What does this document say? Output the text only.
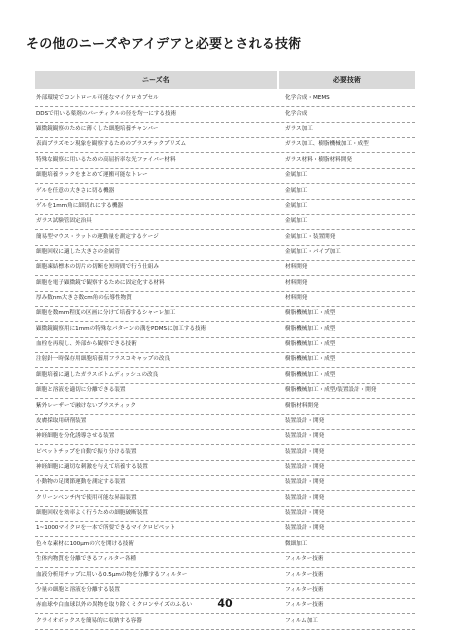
その他のニーズやアイデアと必要とされる技術
ニーズ名	必要技術
外部環境でコントロール可能なマイクロカプセル	化学合成・MEMS
DDSで用いる薬剤のパーティクルの径を均一にする技術	化学合成
顕微鏡観察のために薄くした細胞培養チャンバー	ガラス加工
表面プラズモン現象を観察するためのプラスチックプリズム	ガラス加工、樹脂機械加工・成型
特殊な観察に用いるための高屈折率な光ファイバー材料	ガラス材料・樹脂材料開発
細胞培養ラックをまとめて運搬可能なトレー	金属加工
ゲルを任意の大きさに切る機器	金属加工
ゲルを1mm角に細切れにする機器	金属加工
ガラス試験管固定治具	金属加工
簡易型マウス・ラットの運動量を測定するケージ	金属加工・装置開発
細胞回収に適した大きさの金属管	金属加工・パイプ加工
細胞凍結標本の切片の切断を短時間で行う仕組み	材料開発
細胞を電子顕微鏡で観察するために固定化する材料	材料開発
厚み数nm大きさ数cm角の伝導性物質	材料開発
細胞を数mm程度の区画に分けて培養するシャーレ加工	樹脂機械加工・成型
顕微鏡観察用に1mmの特殊なパターンの溝をPDMSに加工する技術	樹脂機械加工・成型
血栓を再現し、外部から観察できる技術	樹脂機械加工・成型
注射針一時保存用細胞培養用フラスコキャップの改良	樹脂機械加工・成型
細胞培養に適したガラスボトムディッシュの改良	樹脂機械加工・成型
細胞と溶液を適切に分離できる装置	樹脂機械加工・成型/装置設計・開発
紫外レーザーで融けないプラスティック	樹脂材料開発
皮膚採取用研削装置	装置設計・開発
神経細胞を分化誘導させる装置	装置設計・開発
ピペットチップを自動で振り分ける装置	装置設計・開発
神経細胞に適切な刺激を与えて培養する装置	装置設計・開発
小動物の足関節運動を測定する装置	装置設計・開発
クリーンベンチ内で使用可能な昇温装置	装置設計・開発
細胞回収を効率よく行うための細胞破断装置	装置設計・開発
1~1000マイクロを一本で所要できるマイクロピペット	装置設計・開発
色々な素材に100μmの穴を開ける技術	微細加工
生体内物質を分離できるフィルター各種	フィルター技術
血液分析用チップに用いる0.5μmの物を分離するフィルター	フィルター技術
少量の細胞と溶液を分離する装置	フィルター技術
赤血球や白血球以外の異物を取り除くミクロンサイズのふるい	フィルター技術
クライオボックスを簡易的に収納する容器	フィルム加工
40
